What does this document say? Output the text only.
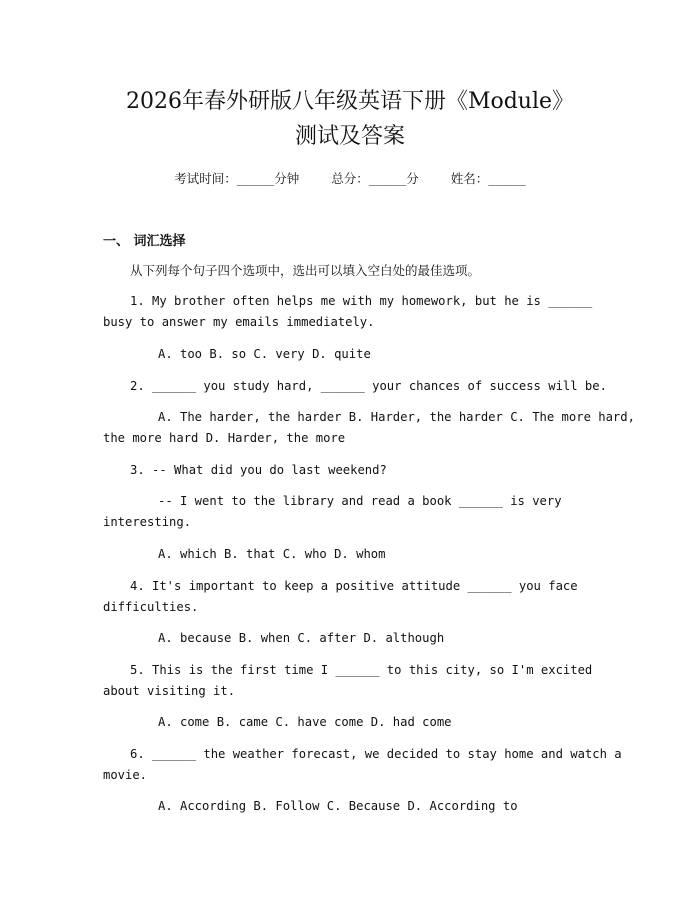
2026年春外研版八年级英语下册《Module》
测试及答案
考试时间：______分钟	总分：______分	姓名：______
一、 词汇选择
从下列每个句子四个选项中，选出可以填入空白处的最佳选项。
1. My brother often helps me with my homework, but he is ______
busy to answer my emails immediately.
A. too B. so C. very D. quite
2. ______ you study hard, ______ your chances of success will be.
A. The harder, the harder B. Harder, the harder C. The more hard,
the more hard D. Harder, the more
3. -- What did you do last weekend?
-- I went to the library and read a book ______ is very
interesting.
A. which B. that C. who D. whom
4. It's important to keep a positive attitude ______ you face
difficulties.
A. because B. when C. after D. although
5. This is the first time I ______ to this city, so I'm excited
about visiting it.
A. come B. came C. have come D. had come
6. ______ the weather forecast, we decided to stay home and watch a
movie.
A. According B. Follow C. Because D. According to
